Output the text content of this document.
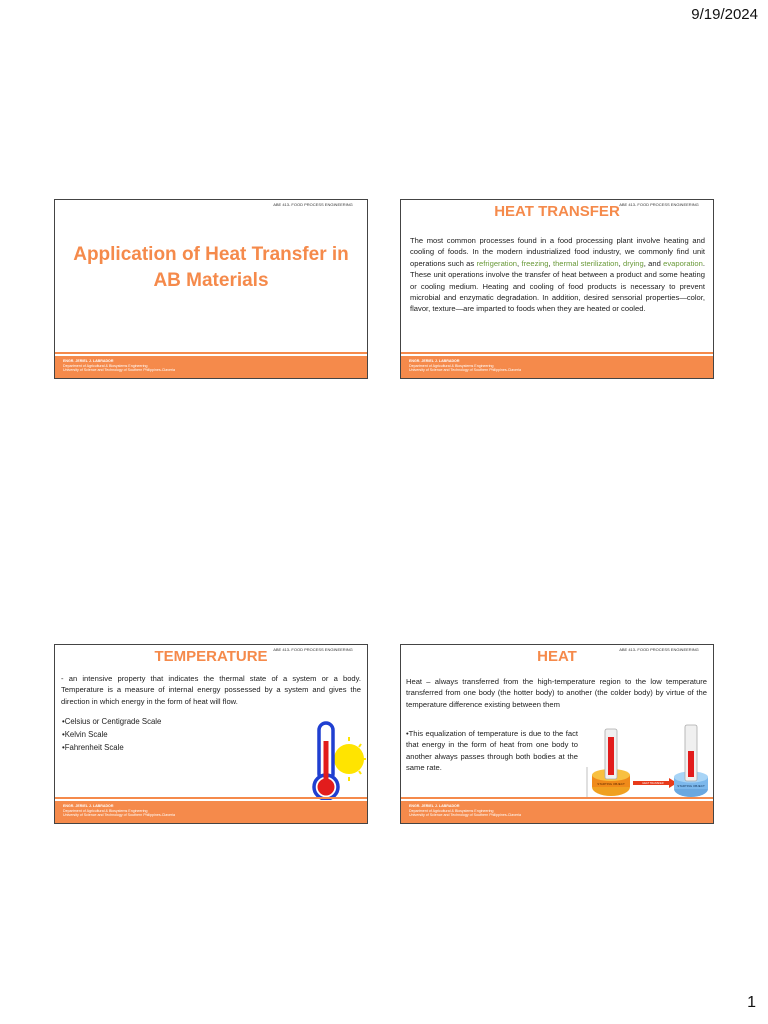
9/19/2024
ABE 413- FOOD PROCESS ENGINEERING
Application of Heat Transfer in AB Materials
ENGR. JERIEL J. LABRADOR
Department of Agricultural & Biosystems Engineering
University of Science and Technology of Southern Philippines-Claveria
HEAT TRANSFER ABE 413- FOOD PROCESS ENGINEERING
The most common processes found in a food processing plant involve heating and cooling of foods. In the modern industrialized food industry, we commonly find unit operations such as refrigeration, freezing, thermal sterilization, drying, and evaporation. These unit operations involve the transfer of heat between a product and some heating or cooling medium. Heating and cooling of food products is necessary to prevent microbial and enzymatic degradation. In addition, desired sensorial properties—color, flavor, texture—are imparted to foods when they are heated or cooled.
ENGR. JERIEL J. LABRADOR
Department of Agricultural & Biosystems Engineering
University of Science and Technology of Southern Philippines-Claveria
TEMPERATURE	ABE 413- FOOD PROCESS ENGINEERING
- an intensive property that indicates the thermal state of a system or a body. Temperature is a measure of internal energy possessed by a system and gives the direction in which energy in the form of heat will flow.
•Celsius or Centigrade Scale
•Kelvin Scale
•Fahrenheit Scale
ENGR. JERIEL J. LABRADOR
Department of Agricultural & Biosystems Engineering
University of Science and Technology of Southern Philippines-Claveria
HEAT	ABE 413- FOOD PROCESS ENGINEERING
Heat – always transferred from the high-temperature region to the low temperature transferred from one body (the hotter body) to another (the colder body) by virtue of the temperature difference existing between them
•This equalization of temperature is due to the fact that energy in the form of heat from one body to another always passes through both bodies at the same rate.
STARTING OBJECT	HEAT TRANSFER
STARTING OBJECT
ENGR. JERIEL J. LABRADOR
Department of Agricultural & Biosystems Engineering
University of Science and Technology of Southern Philippines-Claveria
1
